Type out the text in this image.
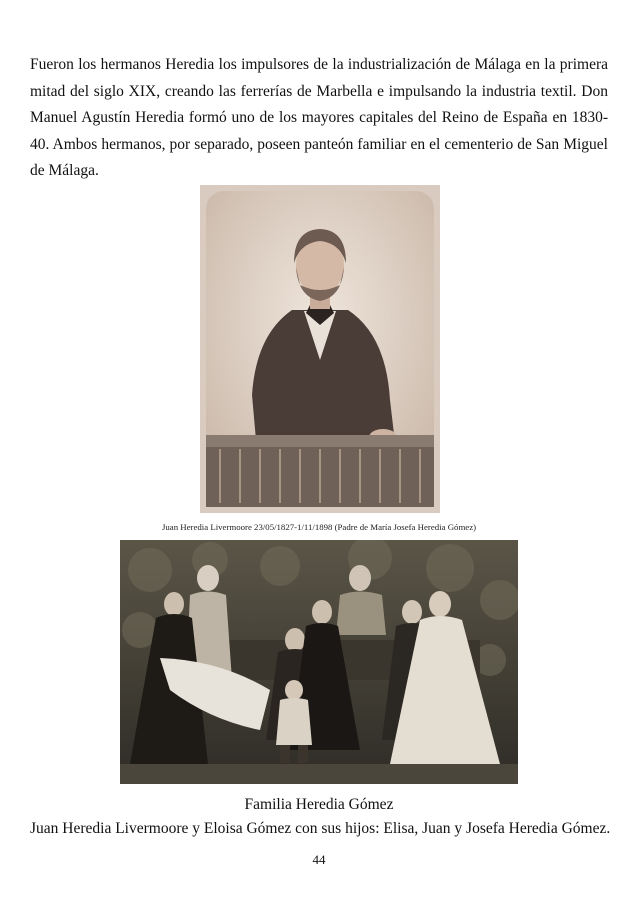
Fueron los hermanos Heredia los impulsores de la industrialización de Málaga en la primera mitad del siglo XIX, creando las ferrerías de Marbella e impulsando la industria textil. Don Manuel Agustín Heredia formó uno de los mayores capitales del Reino de España en 1830-40. Ambos hermanos, por separado, poseen panteón familiar en el cementerio de San Miguel de Málaga.

Juan Heredia Livermoore 23/05/1827-1/11/1898 (Padre de María Josefa Heredia Gómez)
Familia Heredia Gómez
Juan Heredia Livermoore y Eloisa Gómez con sus hijos: Elisa, Juan y Josefa Heredia Gómez.
44
